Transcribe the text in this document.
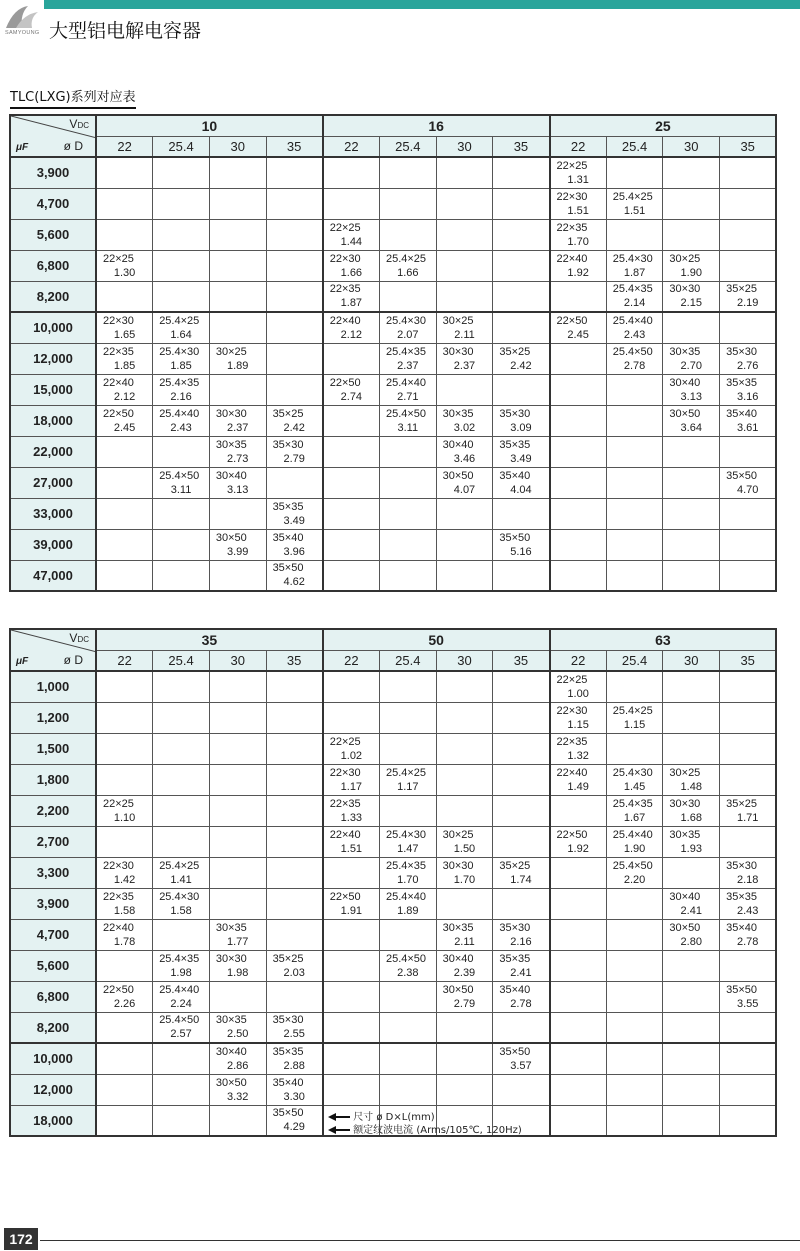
SAMYOUNG 大型铝电解电容器
TLC(LXG)系列对应表
VDC
μF ø D	10				16				25			
	22	25.4	30	35	22	25.4	30	35	22	25.4	30	35
3,900									22×25
1.31			

4,700									22×30
1.51	25.4×25
1.51		

5,600					22×25
1.44				22×35
1.70			

6,800	22×25
1.30				22×30
1.66	25.4×25
1.66			22×40
1.92	25.4×30
1.87	30×25
1.90	

8,200					22×35
1.87					25.4×35
2.14	30×30
2.15	35×25
2.19

10,000	22×30
1.65	25.4×25
1.64			22×40
2.12	25.4×30
2.07	30×25
2.11		22×50
2.45	25.4×40
2.43		

12,000	22×35
1.85	25.4×30
1.85	30×25
1.89			25.4×35
2.37	30×30
2.37	35×25
2.42		25.4×50
2.78	30×35
2.70	35×30
2.76

15,000	22×40
2.12	25.4×35
2.16			22×50
2.74	25.4×40
2.71					30×40
3.13	35×35
3.16

18,000	22×50
2.45	25.4×40
2.43	30×30
2.37	35×25
2.42		25.4×50
3.11	30×35
3.02	35×30
3.09			30×50
3.64	35×40
3.61

22,000			30×35
2.73	35×30
2.79			30×40
3.46	35×35
3.49				

27,000		25.4×50
3.11	30×40
3.13				30×50
4.07	35×40
4.04				35×50
4.70

33,000				35×35
3.49								

39,000			30×50
3.99	35×40
3.96				35×50
5.16				

47,000				35×50
4.62								

VDC
μF ø D	35				50				63			
	22	25.4	30	35	22	25.4	30	35	22	25.4	30	35
1,000									22×25
1.00			

1,200									22×30
1.15	25.4×25
1.15		

1,500					22×25
1.02				22×35
1.32			

1,800					22×30
1.17	25.4×25
1.17			22×40
1.49	25.4×30
1.45	30×25
1.48	

2,200	22×25
1.10				22×35
1.33					25.4×35
1.67	30×30
1.68	35×25
1.71

2,700					22×40
1.51	25.4×30
1.47	30×25
1.50		22×50
1.92	25.4×40
1.90	30×35
1.93	

3,300	22×30
1.42	25.4×25
1.41				25.4×35
1.70	30×30
1.70	35×25
1.74		25.4×50
2.20		35×30
2.18

3,900	22×35
1.58	25.4×30
1.58			22×50
1.91	25.4×40
1.89					30×40
2.41	35×35
2.43

4,700	22×40
1.78		30×35
1.77				30×35
2.11	35×30
2.16			30×50
2.80	35×40
2.78

5,600		25.4×35
1.98	30×30
1.98	35×25
2.03		25.4×50
2.38	30×40
2.39	35×35
2.41				

6,800	22×50
2.26	25.4×40
2.24					30×50
2.79	35×40
2.78				35×50
3.55

8,200		25.4×50
2.57	30×35
2.50	35×30
2.55								

10,000			30×40
2.86	35×35
2.88				35×50
3.57				

12,000			30×50
3.32	35×40
3.30								

18,000				35×50
4.29								

尺寸 ø D×L(mm)
额定纹波电流 (Arms/105℃, 120Hz)
172
